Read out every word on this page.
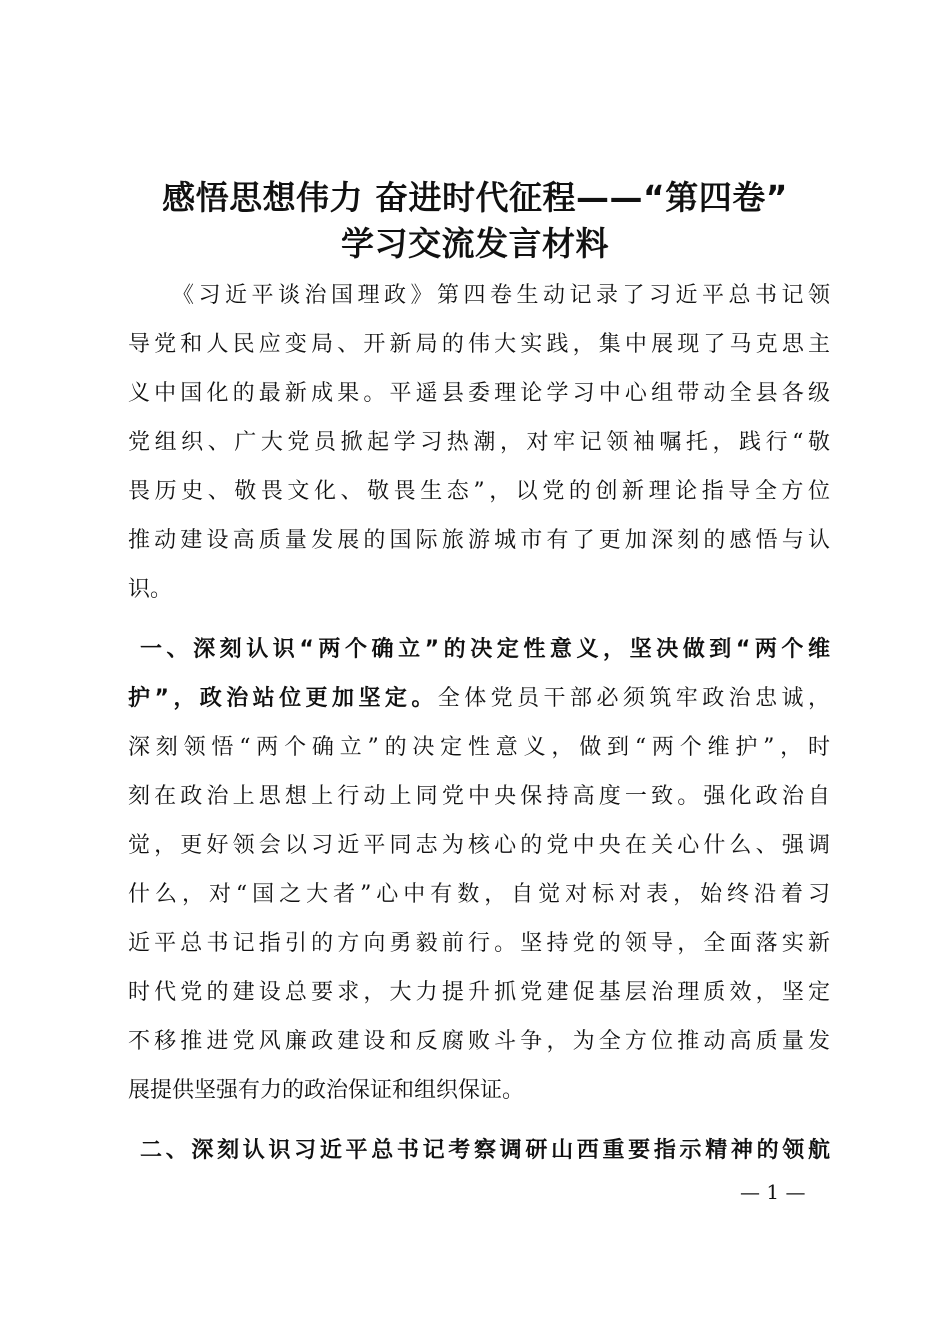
感悟思想伟力 奋进时代征程——“第四卷”
学习交流发言材料
《习近平谈治国理政》第四卷生动记录了习近平总书记领
导党和人民应变局、开新局的伟大实践，集中展现了马克思主
义中国化的最新成果。平遥县委理论学习中心组带动全县各级
党组织、广大党员掀起学习热潮，对牢记领袖嘱托，践行“敬
畏历史、敬畏文化、敬畏生态”，以党的创新理论指导全方位
推动建设高质量发展的国际旅游城市有了更加深刻的感悟与认
识。
一、深刻认识“两个确立”的决定性意义，坚决做到“两个维
护”，政治站位更加坚定。全体党员干部必须筑牢政治忠诚，
深刻领悟“两个确立”的决定性意义，做到“两个维护”，时
刻在政治上思想上行动上同党中央保持高度一致。强化政治自
觉，更好领会以习近平同志为核心的党中央在关心什么、强调
什么，对“国之大者”心中有数，自觉对标对表，始终沿着习
近平总书记指引的方向勇毅前行。坚持党的领导，全面落实新
时代党的建设总要求，大力提升抓党建促基层治理质效，坚定
不移推进党风廉政建设和反腐败斗争，为全方位推动高质量发
展提供坚强有力的政治保证和组织保证。
二、深刻认识习近平总书记考察调研山西重要指示精神的领航
— 1 —
